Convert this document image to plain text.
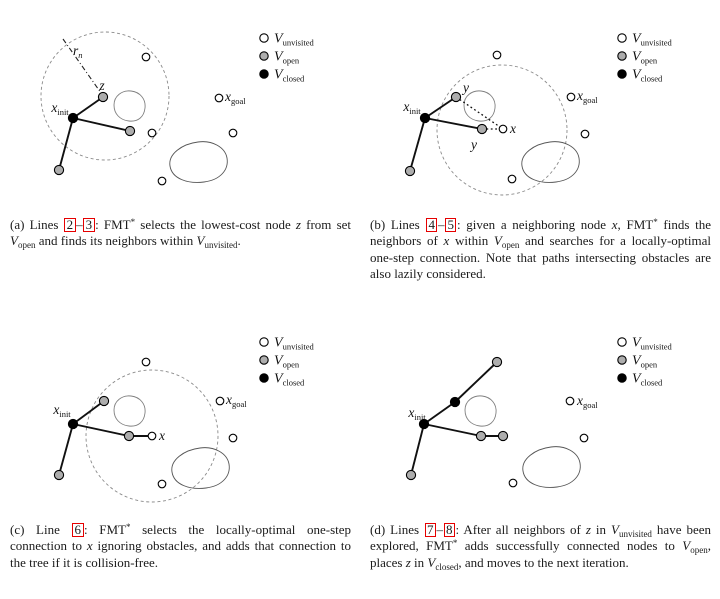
$r_n$
z
$x_{init}$
$x_{goal}$
$V_{unvisited}$
$V_{open}$
$V_{closed}$
(a) Lines 2 – 3 : FMT* selects the lowest-cost node z from set $V_{open}$ and finds its neighbors within $V_{unvisited}$.
y
y
x
$x_{init}$
$x_{goal}$
$V_{unvisited}$
$V_{open}$
$V_{closed}$
(b) Lines 4 – 5 : given a neighboring node x, FMT* finds the neighbors of x within $V_{open}$ and searches for a locally-optimal one-step connection. Note that paths intersecting obstacles are also lazily considered.
x
$x_{init}$
$x_{goal}$
$V_{unvisited}$
$V_{open}$
$V_{closed}$
(c) Line 6 : FMT* selects the locally-optimal one-step connection to x ignoring obstacles, and adds that connection to the tree if it is collision-free.
$x_{init}$
$x_{goal}$
$V_{unvisited}$
$V_{open}$
$V_{closed}$
(d) Lines 7 – 8 : After all neighbors of z in $V_{unvisited}$ have been explored, FMT* adds successfully connected nodes to $V_{open}$, places z in $V_{closed}$, and moves to the next iteration.
